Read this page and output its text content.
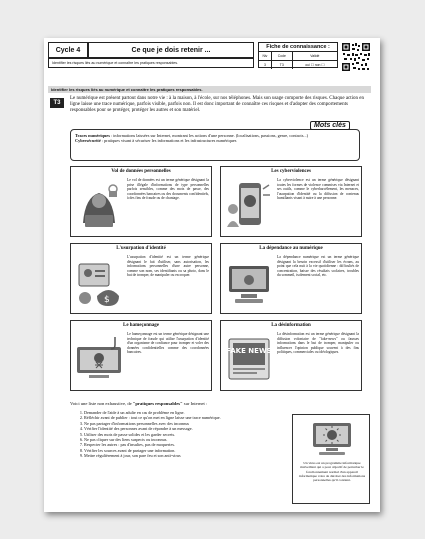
Cycle 4	Ce que je dois retenir ...
Identifier les risques liés au numérique et connaître les pratiques responsables.
Fiche de connaissance :
Niv	Code	Validé
3	T3	oui ☐ non ☐
Identifier les risques liés au numérique et connaître les pratiques responsables.
T3
Le numérique est présent partout dans notre vie : à la maison, à l'école, sur nos téléphones. Mais son usage comporte des risques. Chaque action en ligne laisse une trace numérique, parfois visible, parfois non. Il est donc important de connaître ces risques et d'adopter des comportements responsables pour se protéger, protéger les autres et son matériel.
Traces numériques : informations laissées sur Internet, montrant les actions d'une personne. (localisations, passions, genre, contacts...)
Cybersécurité : pratiques visant à sécuriser les informations et les infrastructures numériques
Mots clés
Vol de données personnelles
Le vol de données est un terme générique désignant la prise illégale d'informations de type personnelles parfois sensibles, comme des mots de passe, des coordonnées bancaires ou des documents confidentiels, à des fins de fraude ou de chantage.
Les cyberviolences
La cyberviolence est un terme générique désignant toutes les formes de violence commises via Internet et ses outils, comme le cyberharcèlement, les menaces, l'usurpation d'identité ou la diffusion de contenus humiliants visant à nuire à une personne.
L'usurpation d'identité
$
L'usurpation d'identité est un terme générique désignant le fait d'utiliser, sans autorisation, les informations personnelles d'une autre personne, comme son nom, ses identifiants ou sa photo, dans le but de tromper, de manipuler ou escroquer.
La dépendance au numérique
La dépendance numérique est un terme générique désignant la besoin excessif d'utiliser les écrans, au point que cela nuit à la vie quotidienne : difficultés de concentration, baisse des résultats scolaires, troubles du sommeil, isolement social, etc.
Le hameçonnage
Le hameçonnage est un terme générique désignant une technique de fraude qui utilise l'usurpation d'identité d'un organisme de confiance pour tromper et voler des données confidentielles comme des coordonnées bancaires.
La désinformation
FAKE NEWS
La désinformation est un terme générique désignant la diffusion volontaire de "fake-news" ou fausses informations dans le but de tromper, manipuler ou influencer l'opinion publique souvent à des fins politiques, commerciales ou idéologiques.
Voici une liste non exhaustive, de "pratiques responsables" sur Internet :
1. Demander de l'aide à un adulte en cas de problème en ligne.
2. Réfléchir avant de publier : tout ce qu'on met en ligne laisse une trace numérique.
3. Ne pas partager d'informations personnelles avec des inconnus
4. Vérifier l'identité des personnes avant de répondre à un message.
5. Utiliser des mots de passe solides et les garder secrets.
6. Ne pas cliquer sur des liens suspects ou inconnus.
7. Respecter les autres : pas d'insultes, pas de moqueries.
8. Vérifier les sources avant de partager une information.
9. Mettre régulièrement à jour, son pare feu et son anti-virus
Un virus est un programme informatique malveillant qui a pour objectif de perturber le fonctionnement normal d'un appareil informatique voire de dérober des informations personnelles qu'il contient.
